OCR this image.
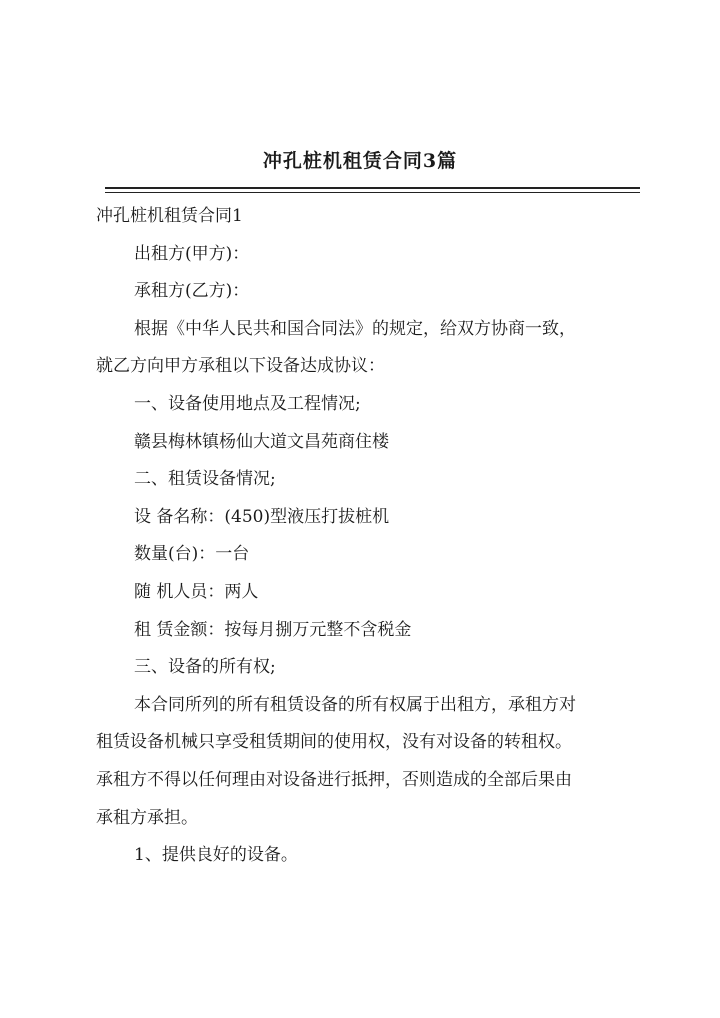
冲孔桩机租赁合同3篇
冲孔桩机租赁合同1
出租方(甲方)：
承租方(乙方)：
根据《中华人民共和国合同法》的规定，给双方协商一致，
就乙方向甲方承租以下设备达成协议：
一、设备使用地点及工程情况;
赣县梅林镇杨仙大道文昌苑商住楼
二、租赁设备情况;
设 备名称：(450)型液压打拔桩机
数量(台)：一台
随 机人员：两人
租 赁金额：按每月捌万元整不含税金
三、设备的所有权;
本合同所列的所有租赁设备的所有权属于出租方，承租方对
租赁设备机械只享受租赁期间的使用权，没有对设备的转租权。
承租方不得以任何理由对设备进行抵押，否则造成的全部后果由
承租方承担。
1、提供良好的设备。
